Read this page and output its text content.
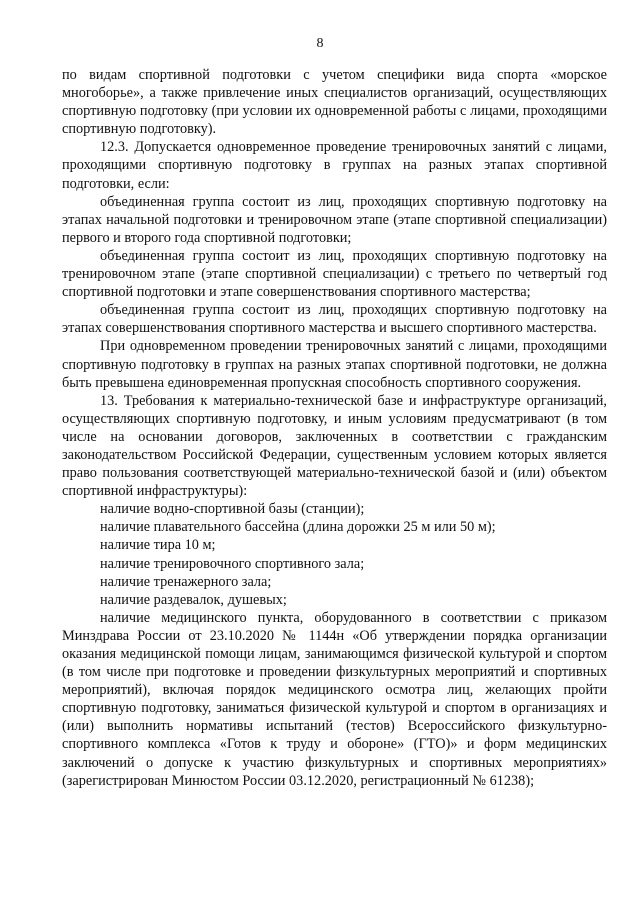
8

по видам спортивной подготовки с учетом специфики вида спорта «морское многоборье», а также привлечение иных специалистов организаций, осуществляющих спортивную подготовку (при условии их одновременной работы с лицами, проходящими спортивную подготовку).

12.3. Допускается одновременное проведение тренировочных занятий с лицами, проходящими спортивную подготовку в группах на разных этапах спортивной подготовки, если:

объединенная группа состоит из лиц, проходящих спортивную подготовку на этапах начальной подготовки и тренировочном этапе (этапе спортивной специализации) первого и второго года спортивной подготовки;

объединенная группа состоит из лиц, проходящих спортивную подготовку на тренировочном этапе (этапе спортивной специализации) с третьего по четвертый год спортивной подготовки и этапе совершенствования спортивного мастерства;

объединенная группа состоит из лиц, проходящих спортивную подготовку на этапах совершенствования спортивного мастерства и высшего спортивного мастерства.

При одновременном проведении тренировочных занятий с лицами, проходящими спортивную подготовку в группах на разных этапах спортивной подготовки, не должна быть превышена единовременная пропускная способность спортивного сооружения.

13. Требования к материально-технической базе и инфраструктуре организаций, осуществляющих спортивную подготовку, и иным условиям предусматривают (в том числе на основании договоров, заключенных в соответствии с гражданским законодательством Российской Федерации, существенным условием которых является право пользования соответствующей материально-технической базой и (или) объектом спортивной инфраструктуры):

наличие водно-спортивной базы (станции);

наличие плавательного бассейна (длина дорожки 25 м или 50 м);

наличие тира 10 м;

наличие тренировочного спортивного зала;

наличие тренажерного зала;

наличие раздевалок, душевых;

наличие медицинского пункта, оборудованного в соответствии с приказом Минздрава России от 23.10.2020 № 1144н «Об утверждении порядка организации оказания медицинской помощи лицам, занимающимся физической культурой и спортом (в том числе при подготовке и проведении физкультурных мероприятий и спортивных мероприятий), включая порядок медицинского осмотра лиц, желающих пройти спортивную подготовку, заниматься физической культурой и спортом в организациях и (или) выполнить нормативы испытаний (тестов) Всероссийского физкультурно-спортивного комплекса «Готов к труду и обороне» (ГТО)» и форм медицинских заключений о допуске к участию физкультурных и спортивных мероприятиях» (зарегистрирован Минюстом России 03.12.2020, регистрационный № 61238);
